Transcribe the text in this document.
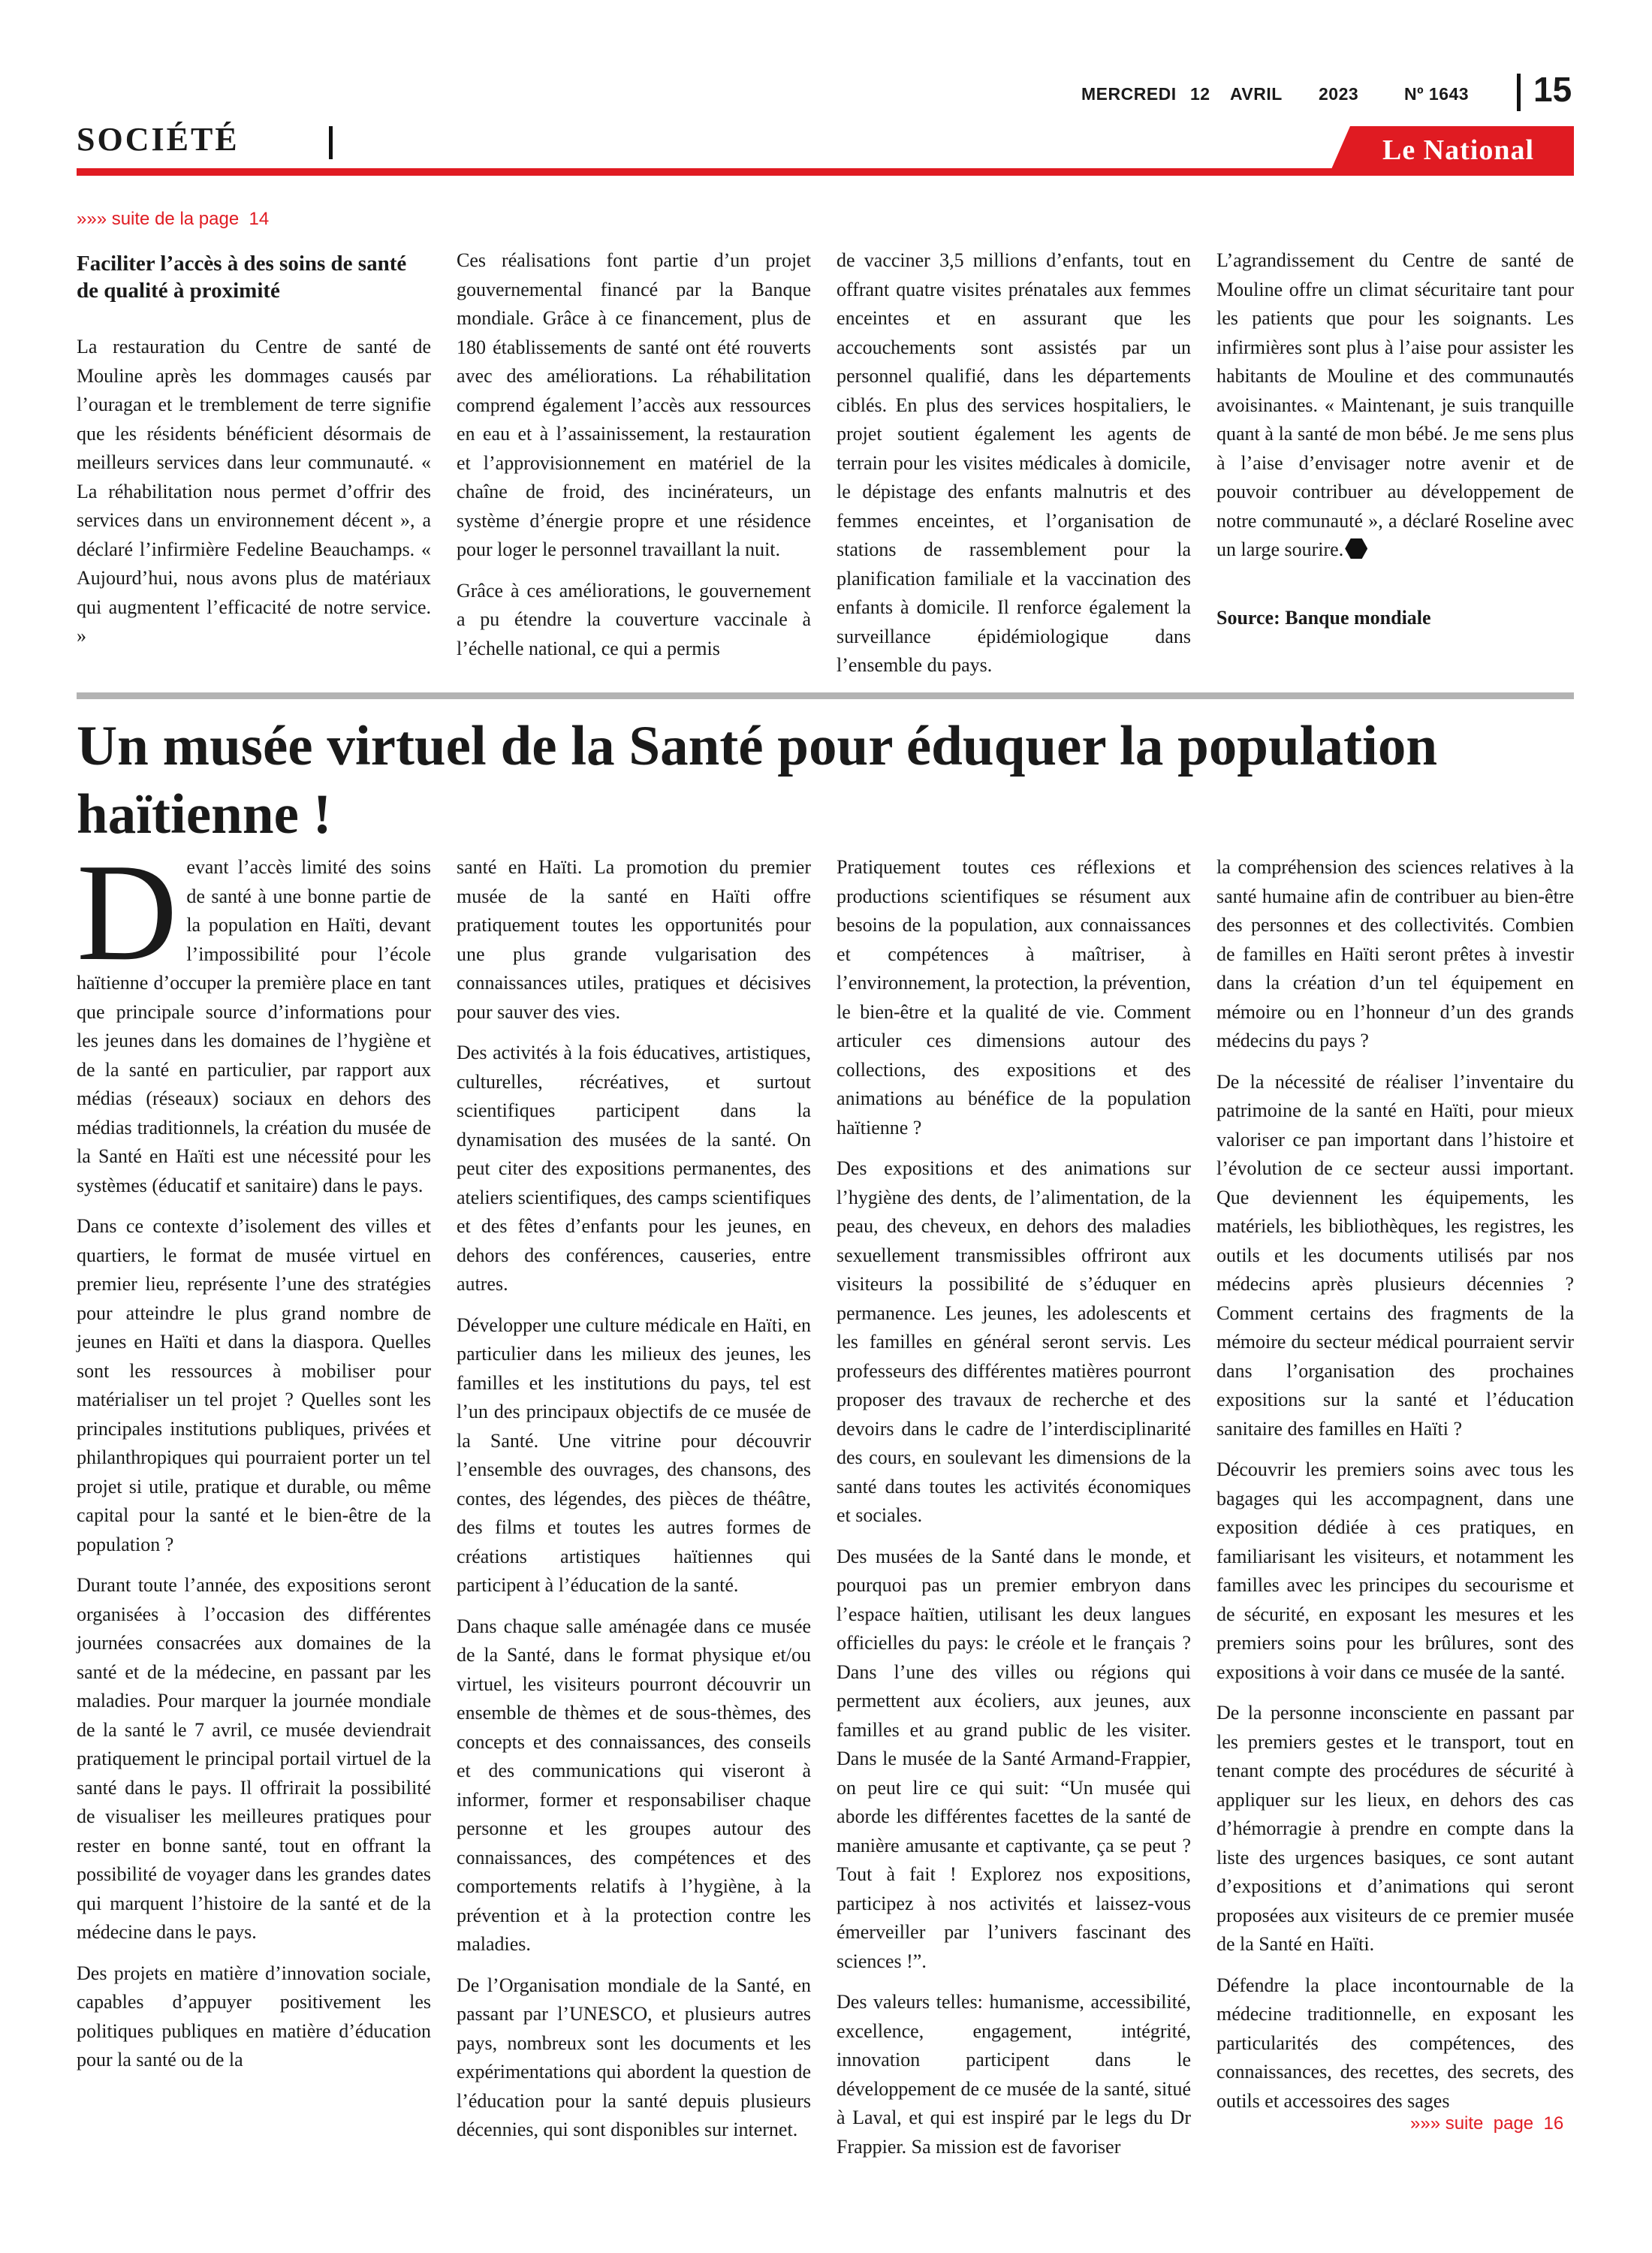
MERCREDI 12 AVRIL 2023	Nº 1643 15
SOCIÉTÉ	Le National
»»» suite de la page  14
Faciliter l’accès à des soins de santé de qualité à proximité

La restauration du Centre de santé de Mouline après les dommages causés par l’ouragan et le tremblement de terre signifie que les résidents bénéficient désormais de meilleurs services dans leur communauté. « La réhabilitation nous permet d’offrir des services dans un environnement décent », a déclaré l’infirmière Fedeline Beauchamps. « Aujourd’hui, nous avons plus de matériaux qui augmentent l’efficacité de notre service. »

Ces réalisations font partie d’un projet gouvernemental financé par la Banque mondiale. Grâce à ce financement, plus de 180 établissements de santé ont été rouverts avec des améliorations. La réhabilitation comprend également l’accès aux ressources en eau et à l’assainissement, la restauration et l’approvisionnement en matériel de la chaîne de froid, des incinérateurs, un système d’énergie propre et une résidence pour loger le personnel travaillant la nuit.

Grâce à ces améliorations, le gouvernement a pu étendre la couverture vaccinale à l’échelle national, ce qui a permis

de vacciner 3,5 millions d’enfants, tout en offrant quatre visites prénatales aux femmes enceintes et en assurant que les accouchements sont assistés par un personnel qualifié, dans les départements ciblés. En plus des services hospitaliers, le projet soutient également les agents de terrain pour les visites médicales à domicile, le dépistage des enfants malnutris et des femmes enceintes, et l’organisation de stations de rassemblement pour la planification familiale et la vaccination des enfants à domicile. Il renforce également la surveillance épidémiologique dans l’ensemble du pays.

L’agrandissement du Centre de santé de Mouline offre un climat sécuritaire tant pour les patients que pour les soignants. Les infirmières sont plus à l’aise pour assister les habitants de Mouline et des communautés avoisinantes. « Maintenant, je suis tranquille quant à la santé de mon bébé. Je me sens plus à l’aise d’envisager notre avenir et de pouvoir contribuer au développement de notre communauté », a déclaré Roseline avec un large sourire.

Source: Banque mondiale

Un musée virtuel de la Santé pour éduquer la population haïtienne !

Devant l’accès limité des soins de santé à une bonne partie de la population en Haïti, devant l’impossibilité pour l’école haïtienne d’occuper la première place en tant que principale source d’informations pour les jeunes dans les domaines de l’hygiène et de la santé en particulier, par rapport aux médias (réseaux) sociaux en dehors des médias traditionnels, la création du musée de la Santé en Haïti est une nécessité pour les systèmes (éducatif et sanitaire) dans le pays.

Dans ce contexte d’isolement des villes et quartiers, le format de musée virtuel en premier lieu, représente l’une des stratégies pour atteindre le plus grand nombre de jeunes en Haïti et dans la diaspora. Quelles sont les ressources à mobiliser pour matérialiser un tel projet ? Quelles sont les principales institutions publiques, privées et philanthropiques qui pourraient porter un tel projet si utile, pratique et durable, ou même capital pour la santé et le bien-être de la population ?

Durant toute l’année, des expositions seront organisées à l’occasion des différentes journées consacrées aux domaines de la santé et de la médecine, en passant par les maladies. Pour marquer la journée mondiale de la santé le 7 avril, ce musée deviendrait pratiquement le principal portail virtuel de la santé dans le pays. Il offrirait la possibilité de visualiser les meilleures pratiques pour rester en bonne santé, tout en offrant la possibilité de voyager dans les grandes dates qui marquent l’histoire de la santé et de la médecine dans le pays.

Des projets en matière d’innovation sociale, capables d’appuyer positivement les politiques publiques en matière d’éducation pour la santé ou de la

santé en Haïti. La promotion du premier musée de la santé en Haïti offre pratiquement toutes les opportunités pour une plus grande vulgarisation des connaissances utiles, pratiques et décisives pour sauver des vies.

Des activités à la fois éducatives, artistiques, culturelles, récréatives, et surtout scientifiques participent dans la dynamisation des musées de la santé. On peut citer des expositions permanentes, des ateliers scientifiques, des camps scientifiques et des fêtes d’enfants pour les jeunes, en dehors des conférences, causeries, entre autres.

Développer une culture médicale en Haïti, en particulier dans les milieux des jeunes, les familles et les institutions du pays, tel est l’un des principaux objectifs de ce musée de la Santé. Une vitrine pour découvrir l’ensemble des ouvrages, des chansons, des contes, des légendes, des pièces de théâtre, des films et toutes les autres formes de créations artistiques haïtiennes qui participent à l’éducation de la santé.

Dans chaque salle aménagée dans ce musée de la Santé, dans le format physique et/ou virtuel, les visiteurs pourront découvrir un ensemble de thèmes et de sous-thèmes, des concepts et des connaissances, des conseils et des communications qui viseront à informer, former et responsabiliser chaque personne et les groupes autour des connaissances, des compétences et des comportements relatifs à l’hygiène, à la prévention et à la protection contre les maladies.

De l’Organisation mondiale de la Santé, en passant par l’UNESCO, et plusieurs autres pays, nombreux sont les documents et les expérimentations qui abordent la question de l’éducation pour la santé depuis plusieurs décennies, qui sont disponibles sur internet.

Pratiquement toutes ces réflexions et productions scientifiques se résument aux besoins de la population, aux connaissances et compétences à maîtriser, à l’environnement, la protection, la prévention, le bien-être et la qualité de vie. Comment articuler ces dimensions autour des collections, des expositions et des animations au bénéfice de la population haïtienne ?

Des expositions et des animations sur l’hygiène des dents, de l’alimentation, de la peau, des cheveux, en dehors des maladies sexuellement transmissibles offriront aux visiteurs la possibilité de s’éduquer en permanence. Les jeunes, les adolescents et les familles en général seront servis. Les professeurs des différentes matières pourront proposer des travaux de recherche et des devoirs dans le cadre de l’interdisciplinarité des cours, en soulevant les dimensions de la santé dans toutes les activités économiques et sociales.

Des musées de la Santé dans le monde, et pourquoi pas un premier embryon dans l’espace haïtien, utilisant les deux langues officielles du pays: le créole et le français ? Dans l’une des villes ou régions qui permettent aux écoliers, aux jeunes, aux familles et au grand public de les visiter. Dans le musée de la Santé Armand-Frappier, on peut lire ce qui suit: “Un musée qui aborde les différentes facettes de la santé de manière amusante et captivante, ça se peut ? Tout à fait ! Explorez nos expositions, participez à nos activités et laissez-vous émerveiller par l’univers fascinant des sciences !”.

Des valeurs telles: humanisme, accessibilité, excellence, engagement, intégrité, innovation participent dans le développement de ce musée de la santé, situé à Laval, et qui est inspiré par le legs du Dr Frappier. Sa mission est de favoriser

la compréhension des sciences relatives à la santé humaine afin de contribuer au bien-être des personnes et des collectivités. Combien de familles en Haïti seront prêtes à investir dans la création d’un tel équipement en mémoire ou en l’honneur d’un des grands médecins du pays ?

De la nécessité de réaliser l’inventaire du patrimoine de la santé en Haïti, pour mieux valoriser ce pan important dans l’histoire et l’évolution de ce secteur aussi important. Que deviennent les équipements, les matériels, les bibliothèques, les registres, les outils et les documents utilisés par nos médecins après plusieurs décennies ? Comment certains des fragments de la mémoire du secteur médical pourraient servir dans l’organisation des prochaines expositions sur la santé et l’éducation sanitaire des familles en Haïti ?

Découvrir les premiers soins avec tous les bagages qui les accompagnent, dans une exposition dédiée à ces pratiques, en familiarisant les visiteurs, et notamment les familles avec les principes du secourisme et de sécurité, en exposant les mesures et les premiers soins pour les brûlures, sont des expositions à voir dans ce musée de la santé.

De la personne inconsciente en passant par les premiers gestes et le transport, tout en tenant compte des procédures de sécurité à appliquer sur les lieux, en dehors des cas d’hémorragie à prendre en compte dans la liste des urgences basiques, ce sont autant d’expositions et d’animations qui seront proposées aux visiteurs de ce premier musée de la Santé en Haïti.

Défendre la place incontournable de la médecine traditionnelle, en exposant les particularités des compétences, des connaissances, des recettes, des secrets, des outils et accessoires des sages

»»» suite  page  16
